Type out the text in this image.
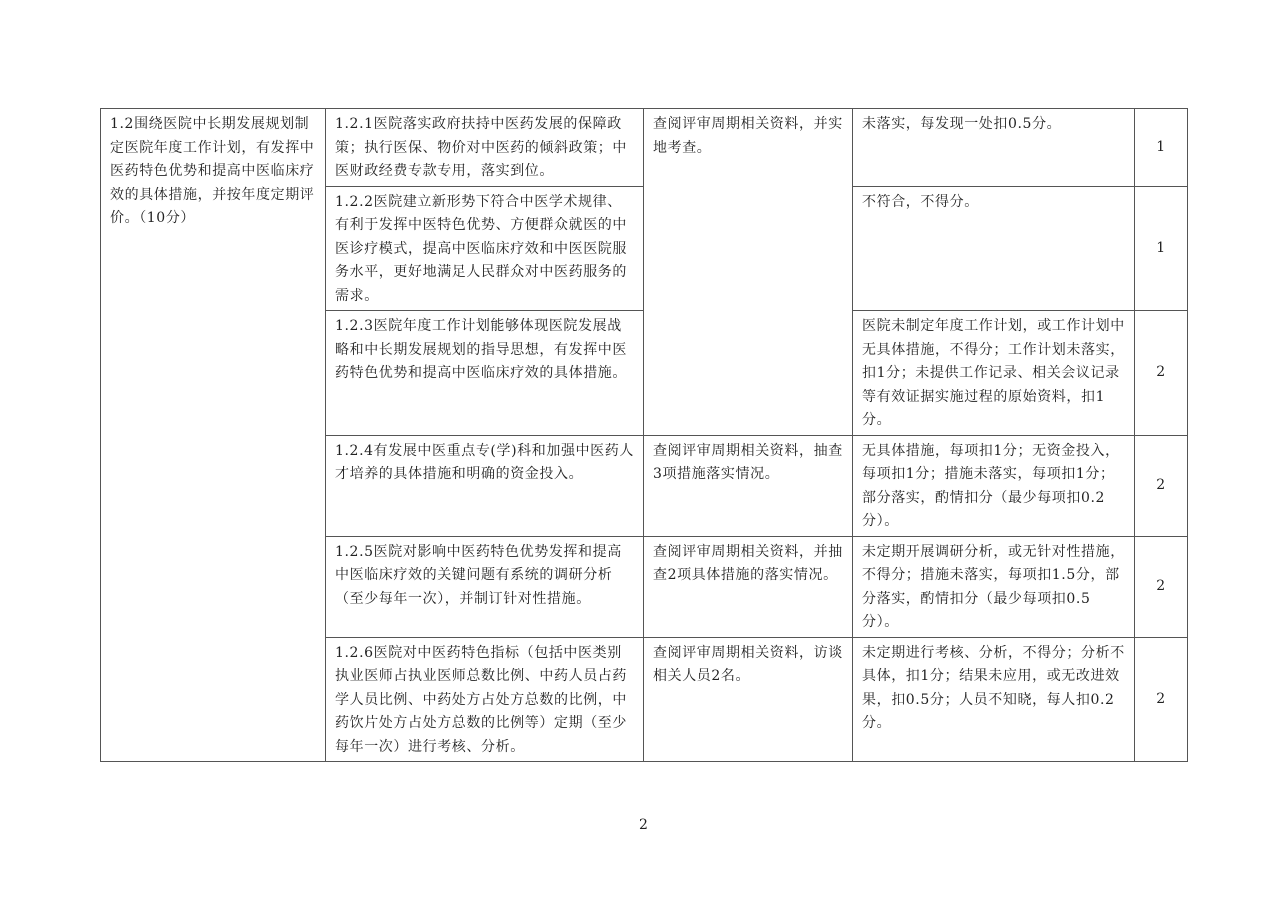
1.2围绕医院中长期发展规划制定医院年度工作计划，有发挥中医药特色优势和提高中医临床疗效的具体措施，并按年度定期评价。（10分）	1.2.1医院落实政府扶持中医药发展的保障政策；执行医保、物价对中医药的倾斜政策；中医财政经费专款专用，落实到位。	查阅评审周期相关资料，并实地考查。	未落实，每发现一处扣0.5分。	1
	1.2.2医院建立新形势下符合中医学术规律、有利于发挥中医特色优势、方便群众就医的中医诊疗模式，提高中医临床疗效和中医医院服务水平，更好地满足人民群众对中医药服务的需求。		不符合，不得分。	1
	1.2.3医院年度工作计划能够体现医院发展战略和中长期发展规划的指导思想，有发挥中医药特色优势和提高中医临床疗效的具体措施。		医院未制定年度工作计划，或工作计划中无具体措施，不得分；工作计划未落实，扣1分；未提供工作记录、相关会议记录等有效证据实施过程的原始资料，扣1分。	2
	1.2.4有发展中医重点专(学)科和加强中医药人才培养的具体措施和明确的资金投入。	查阅评审周期相关资料，抽查3项措施落实情况。	无具体措施，每项扣1分；无资金投入，每项扣1分；措施未落实，每项扣1分；部分落实，酌情扣分（最少每项扣0.2分）。	2
	1.2.5医院对影响中医药特色优势发挥和提高中医临床疗效的关键问题有系统的调研分析（至少每年一次），并制订针对性措施。	查阅评审周期相关资料，并抽查2项具体措施的落实情况。	未定期开展调研分析，或无针对性措施，不得分；措施未落实，每项扣1.5分，部分落实，酌情扣分（最少每项扣0.5分）。	2
	1.2.6医院对中医药特色指标（包括中医类别执业医师占执业医师总数比例、中药人员占药学人员比例、中药处方占处方总数的比例，中药饮片处方占处方总数的比例等）定期（至少每年一次）进行考核、分析。	查阅评审周期相关资料，访谈相关人员2名。	未定期进行考核、分析，不得分；分析不具体，扣1分；结果未应用，或无改进效果，扣0.5分；人员不知晓，每人扣0.2分。	2
2
